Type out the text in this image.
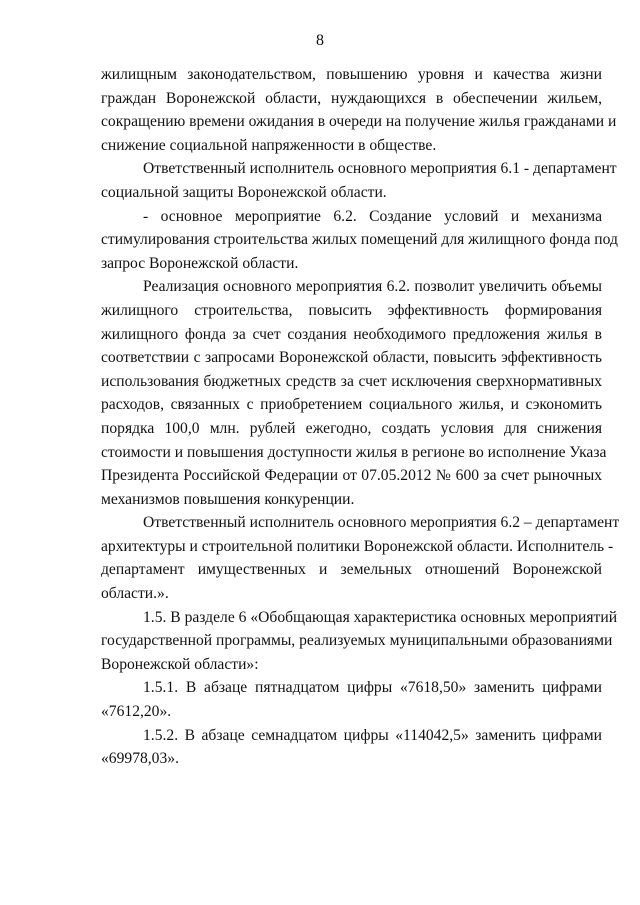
8
жилищным законодательством, повышению уровня и качества жизни
граждан Воронежской области, нуждающихся в обеспечении жильем,
сокращению времени ожидания в очереди на получение жилья гражданами и
снижение социальной напряженности в обществе.
Ответственный исполнитель основного мероприятия 6.1 - департамент
социальной защиты Воронежской области.
- основное мероприятие 6.2. Создание условий и механизма
стимулирования строительства жилых помещений для жилищного фонда под
запрос Воронежской области.
Реализация основного мероприятия 6.2. позволит увеличить объемы
жилищного строительства, повысить эффективность формирования
жилищного фонда за счет создания необходимого предложения жилья в
соответствии с запросами Воронежской области, повысить эффективность
использования бюджетных средств за счет исключения сверхнормативных
расходов, связанных с приобретением социального жилья, и сэкономить
порядка 100,0 млн. рублей ежегодно, создать условия для снижения
стоимости и повышения доступности жилья в регионе во исполнение Указа
Президента Российской Федерации от 07.05.2012 № 600 за счет рыночных
механизмов повышения конкуренции.
Ответственный исполнитель основного мероприятия 6.2 – департамент
архитектуры и строительной политики Воронежской области. Исполнитель -
департамент имущественных и земельных отношений Воронежской
области.».
1.5. В разделе 6 «Обобщающая характеристика основных мероприятий
государственной программы, реализуемых муниципальными образованиями
Воронежской области»:
1.5.1. В абзаце пятнадцатом цифры «7618,50» заменить цифрами
«7612,20».
1.5.2. В абзаце семнадцатом цифры «114042,5» заменить цифрами
«69978,03».
